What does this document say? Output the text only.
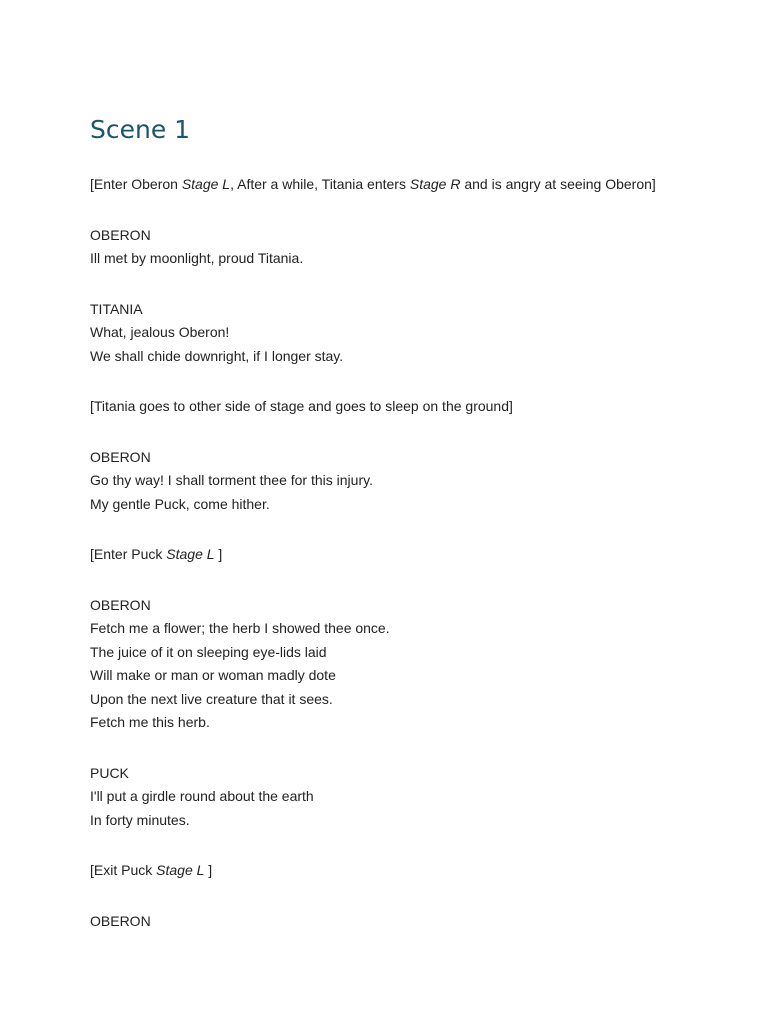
Scene 1

[Enter Oberon Stage L, After a while, Titania enters Stage R and is angry at seeing Oberon]

OBERON

Ill met by moonlight, proud Titania.

TITANIA

What, jealous Oberon!

We shall chide downright, if I longer stay.

[Titania goes to other side of stage and goes to sleep on the ground]

OBERON

Go thy way! I shall torment thee for this injury.

My gentle Puck, come hither.

[Enter Puck Stage L ]

OBERON

Fetch me a flower; the herb I showed thee once.

The juice of it on sleeping eye-lids laid

Will make or man or woman madly dote

Upon the next live creature that it sees.

Fetch me this herb.

PUCK

I'll put a girdle round about the earth

In forty minutes.

[Exit Puck Stage L ]

OBERON
